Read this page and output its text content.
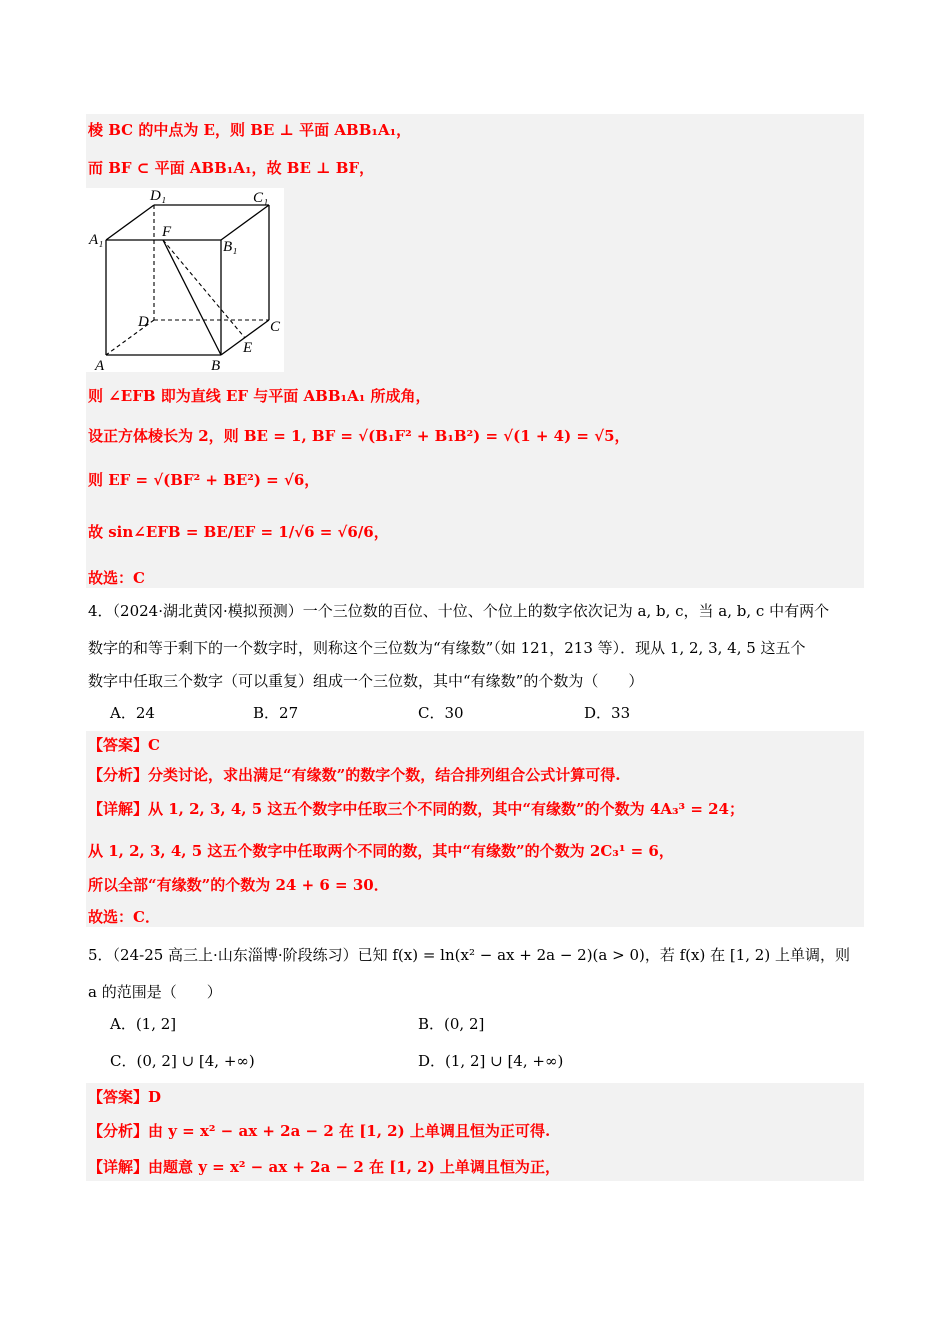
棱 BC 的中点为 E，则 BE ⊥ 平面 ABB₁A₁，
而 BF ⊂ 平面 ABB₁A₁，故 BE ⊥ BF，
D₁	C₁
A₁	F
B₁
D	C
E
A	B
则 ∠EFB 即为直线 EF 与平面 ABB₁A₁ 所成角，
设正方体棱长为 2，则 BE = 1, BF = √(B₁F² + B₁B²) = √(1 + 4) = √5，
则 EF = √(BF² + BE²) = √6，
故 sin∠EFB = BE/EF = 1/√6 = √6/6，
故选：C
4．（2024·湖北黄冈·模拟预测）一个三位数的百位、十位、个位上的数字依次记为 a, b, c，当 a, b, c 中有两个
数字的和等于剩下的一个数字时，则称这个三位数为“有缘数”（如 121，213 等）．现从 1, 2, 3, 4, 5 这五个
数字中任取三个数字（可以重复）组成一个三位数，其中“有缘数”的个数为（　　）
A．24	B．27	C．30	D．33
【答案】C
【分析】分类讨论，求出满足“有缘数”的数字个数，结合排列组合公式计算可得.
【详解】从 1, 2, 3, 4, 5 这五个数字中任取三个不同的数，其中“有缘数”的个数为 4A₃³ = 24；
从 1, 2, 3, 4, 5 这五个数字中任取两个不同的数，其中“有缘数”的个数为 2C₃¹ = 6，
所以全部“有缘数”的个数为 24 + 6 = 30．
故选：C．
5．（24-25 高三上·山东淄博·阶段练习）已知 f(x) = ln(x² − ax + 2a − 2)(a > 0)，若 f(x) 在 [1, 2) 上单调，则
a 的范围是（　　）
A．(1, 2]	B．(0, 2]
C．(0, 2] ∪ [4, +∞)	D．(1, 2] ∪ [4, +∞)
【答案】D
【分析】由 y = x² − ax + 2a − 2 在 [1, 2) 上单调且恒为正可得.
【详解】由题意 y = x² − ax + 2a − 2 在 [1, 2) 上单调且恒为正，
